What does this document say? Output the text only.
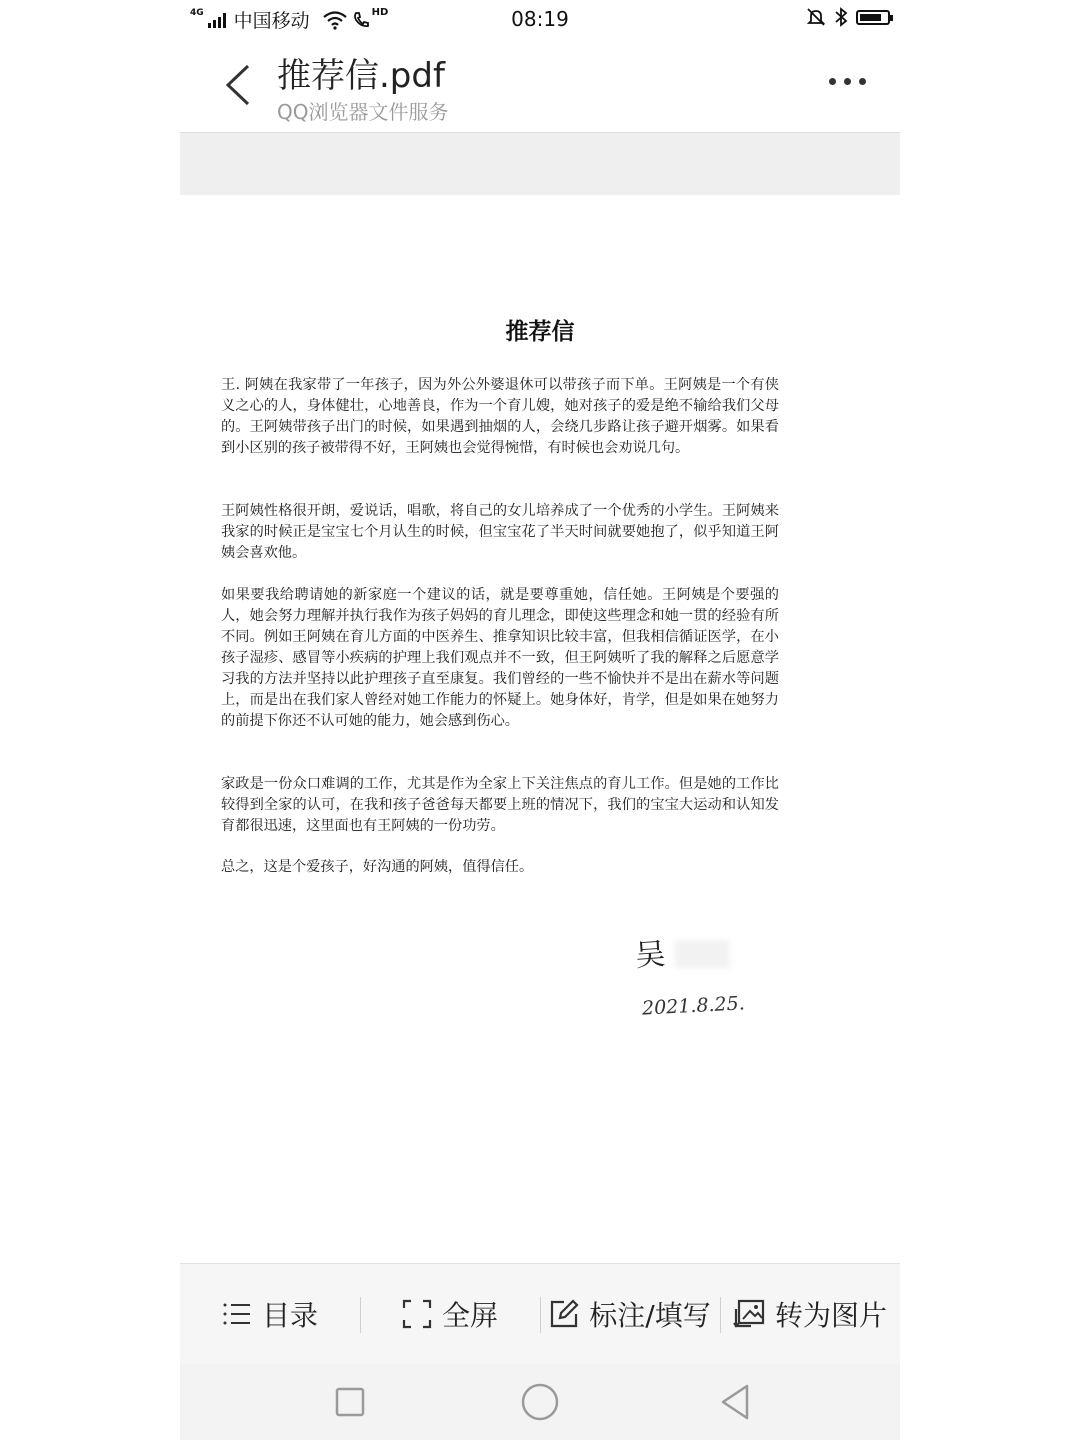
4G 中国移动	HD	08:19
推荐信.pdf
QQ浏览器文件服务
推荐信

王. 阿姨在我家带了一年孩子，因为外公外婆退休可以带孩子而下单。王阿姨是一个有侠义之心的人，身体健壮，心地善良，作为一个育儿嫂，她对孩子的爱是绝不输给我们父母的。王阿姨带孩子出门的时候，如果遇到抽烟的人，会绕几步路让孩子避开烟雾。如果看到小区别的孩子被带得不好，王阿姨也会觉得惋惜，有时候也会劝说几句。

王阿姨性格很开朗，爱说话，唱歌，将自己的女儿培养成了一个优秀的小学生。王阿姨来我家的时候正是宝宝七个月认生的时候，但宝宝花了半天时间就要她抱了，似乎知道王阿姨会喜欢他。

如果要我给聘请她的新家庭一个建议的话，就是要尊重她，信任她。王阿姨是个要强的人，她会努力理解并执行我作为孩子妈妈的育儿理念，即使这些理念和她一贯的经验有所不同。例如王阿姨在育儿方面的中医养生、推拿知识比较丰富，但我相信循证医学，在小孩子湿疹、感冒等小疾病的护理上我们观点并不一致，但王阿姨听了我的解释之后愿意学习我的方法并坚持以此护理孩子直至康复。我们曾经的一些不愉快并不是出在薪水等问题上，而是出在我们家人曾经对她工作能力的怀疑上。她身体好，肯学，但是如果在她努力的前提下你还不认可她的能力，她会感到伤心。

家政是一份众口难调的工作，尤其是作为全家上下关注焦点的育儿工作。但是她的工作比较得到全家的认可，在我和孩子爸爸每天都要上班的情况下，我们的宝宝大运动和认知发育都很迅速，这里面也有王阿姨的一份功劳。

总之，这是个爱孩子，好沟通的阿姨，值得信任。

吴
2021.8.25.
目录	全屏	标注/填写 转为图片
